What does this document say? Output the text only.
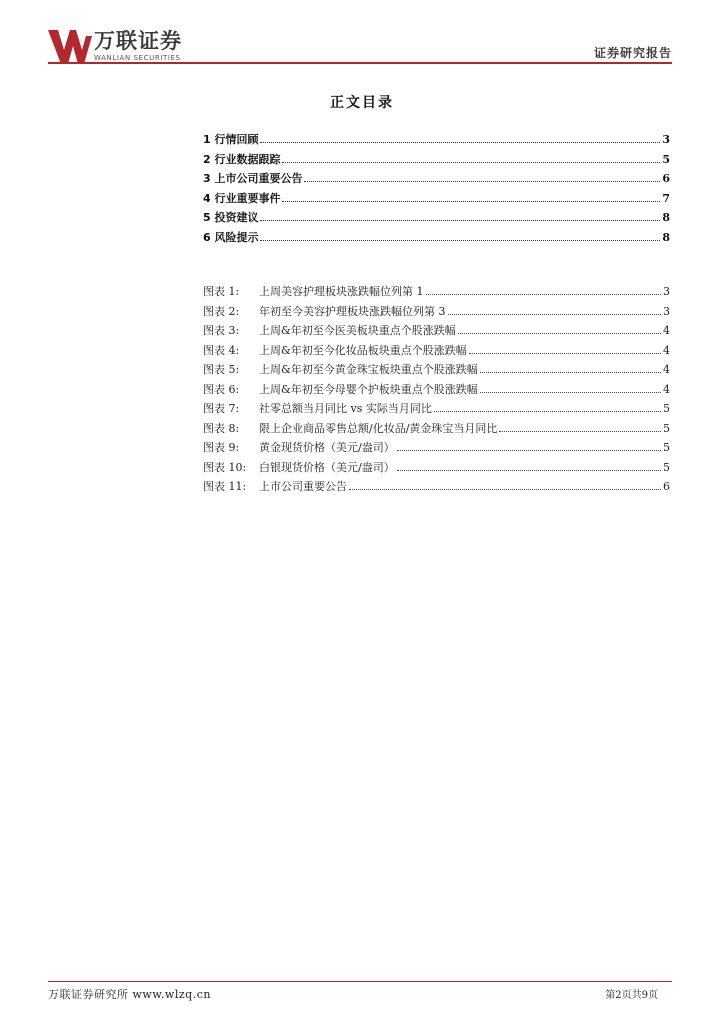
万联证券
WANLIAN SECURITIES	证券研究报告
正文目录
1 行情回顾	3
2 行业数据跟踪	5
3 上市公司重要公告	6
4 行业重要事件	7
5 投资建议	8
6 风险提示	8
图表 1:	上周美容护理板块涨跌幅位列第 1	3
图表 2:	年初至今美容护理板块涨跌幅位列第 3	3
图表 3:	上周&年初至今医美板块重点个股涨跌幅	4
图表 4:	上周&年初至今化妆品板块重点个股涨跌幅	4
图表 5:	上周&年初至今黄金珠宝板块重点个股涨跌幅	4
图表 6:	上周&年初至今母婴个护板块重点个股涨跌幅	4
图表 7:	社零总额当月同比 vs 实际当月同比	5
图表 8:	限上企业商品零售总额/化妆品/黄金珠宝当月同比	5
图表 9:	黄金现货价格（美元/盎司）	5
图表 10:	白银现货价格（美元/盎司）	5
图表 11:	上市公司重要公告	6
万联证券研究所 www.wlzq.cn	第2页共9页
